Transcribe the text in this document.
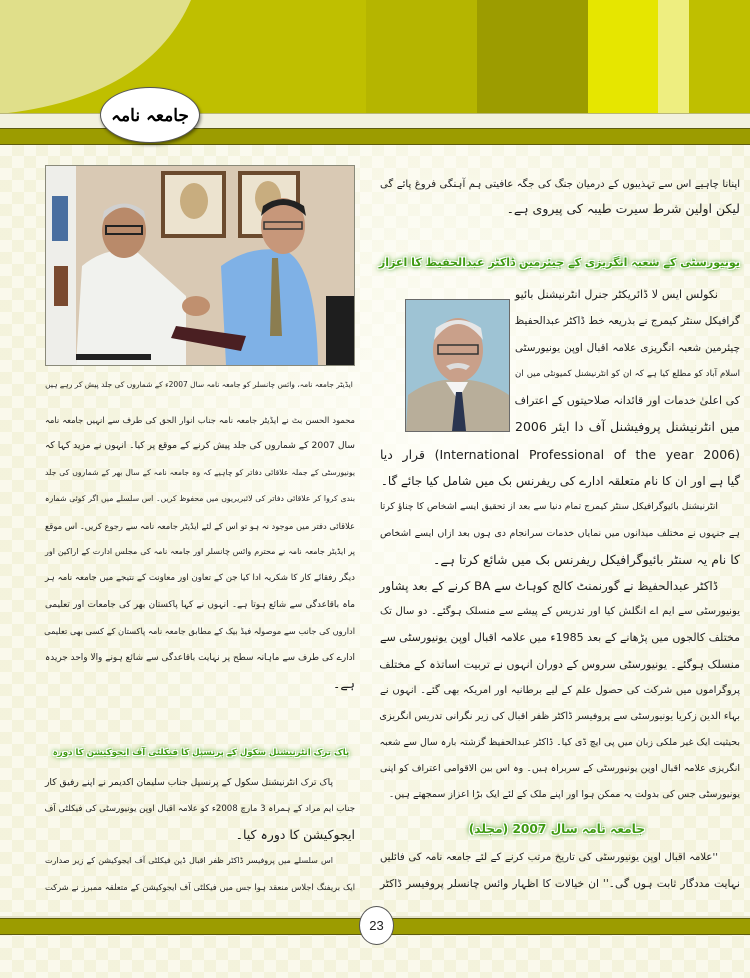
جامعہ نامہ
ایڈیٹر جامعہ نامہ، وائس چانسلر کو جامعہ نامہ سال 2007ء کے شماروں کی جلد پیش کر رہے ہیں
محمود الحسن بٹ نے ایڈیٹر جامعہ نامہ جناب انوار الحق کی طرف سے انہیں جامعہ نامہ
سال 2007 کے شماروں کی جلد پیش کرنے کے موقع پر کیا۔ انہوں نے مزید کہا کہ
یونیورسٹی کے جملہ علاقائی دفاتر کو چاہیے کہ وہ جامعہ نامہ کے سال بھر کے شماروں کی جلد
بندی کروا کر علاقائی دفاتر کی لائبریریوں میں محفوظ کریں۔ اس سلسلے میں اگر کوئی شمارہ
علاقائی دفتر میں موجود نہ ہو تو اس کے لئے ایڈیٹر جامعہ نامہ سے رجوع کریں۔ اس موقع
پر ایڈیٹر جامعہ نامہ نے محترم وائس چانسلر اور جامعہ نامہ کی مجلس ادارت کے اراکین اور
دیگر رفقائے کار کا شکریہ ادا کیا جن کے تعاون اور معاونت کے نتیجے میں جامعہ نامہ ہر
ماہ باقاعدگی سے شائع ہوتا ہے۔ انہوں نے کہا پاکستان بھر کی جامعات اور تعلیمی
اداروں کی جانب سے موصولہ فیڈ بیک کے مطابق جامعہ نامہ پاکستان کے کسی بھی تعلیمی
ادارے کی طرف سے ماہانہ سطح پر نہایت باقاعدگی سے شائع ہونے والا واحد جریدہ
ہے۔
پاک ترک انٹرنیشنل سکول کے پرنسپل کا فیکلٹی آف ایجوکیشن کا دورہ
پاک ترک انٹرنیشنل سکول کے پرنسپل جناب سلیمان اکدیمر نے اپنے رفیق کار
جناب ایم مراد کے ہمراہ 3 مارچ 2008ء کو علامہ اقبال اوپن یونیورسٹی کی فیکلٹی آف
ایجوکیشن کا دورہ کیا۔
اس سلسلے میں پروفیسر ڈاکٹر ظفر اقبال ڈین فیکلٹی آف ایجوکیشن کے زیر صدارت
ایک بریفنگ اجلاس منعقد ہوا جس میں فیکلٹی آف ایجوکیشن کے متعلقہ ممبرز نے شرکت
اپنانا چاہیے اس سے تہذیبوں کے درمیان جنگ کی جگہ عافیتی ہم آہنگی فروغ پائے گی
لیکن اولین شرط سیرت طیبہ کی پیروی ہے۔
یونیورسٹی کے شعبہ انگریزی کے چیئرمین ڈاکٹر عبدالحفیظ کا اعزاز
نکولس ایس لا ڈائریکٹر جنرل انٹرنیشنل بائیو
گرافیکل سنٹر کیمرج نے بذریعہ خط ڈاکٹر عبدالحفیظ
چیئرمین شعبہ انگریزی علامہ اقبال اوپن یونیورسٹی
اسلام آباد کو مطلع کیا ہے کہ ان کو انٹرنیشنل کمیونٹی میں ان
کی اعلیٰ خدمات اور قائدانہ صلاحیتوں کے اعتراف
میں انٹرنیشنل پروفیشنل آف دا ایئر 2006
(International Professional of the year 2006) قرار دیا
گیا ہے اور ان کا نام متعلقہ ادارے کی ریفرنس بک میں شامل کیا جائے گا۔
انٹرنیشنل بائیوگرافیکل سنٹر کیمرج تمام دنیا سے بعد از تحقیق ایسے اشخاص کا چناؤ کرتا
ہے جنہوں نے مختلف میدانوں میں نمایاں خدمات سرانجام دی ہوں بعد ازاں ایسے اشخاص
کا نام یہ سنٹر بائیوگرافیکل ریفرنس بک میں شائع کرتا ہے۔
ڈاکٹر عبدالحفیظ نے گورنمنٹ کالج کوہاٹ سے BA کرنے کے بعد پشاور
یونیورسٹی سے ایم اے انگلش کیا اور تدریس کے پیشے سے منسلک ہوگئے۔ دو سال تک
مختلف کالجوں میں پڑھانے کے بعد 1985ء میں علامہ اقبال اوپن یونیورسٹی سے
منسلک ہوگئے۔ یونیورسٹی سروس کے دوران انہوں نے تربیت اساتذہ کے مختلف
پروگراموں میں شرکت کی حصول علم کے لیے برطانیہ اور امریکہ بھی گئے۔ انہوں نے
بہاء الدین زکریا یونیورسٹی سے پروفیسر ڈاکٹر ظفر اقبال کی زیر نگرانی تدریس انگریزی
بحیثیت ایک غیر ملکی زبان میں پی ایچ ڈی کیا۔ ڈاکٹر عبدالحفیظ گزشتہ بارہ سال سے شعبہ
انگریزی علامہ اقبال اوپن یونیورسٹی کے سربراہ ہیں۔ وہ اس بین الاقوامی اعتراف کو اپنی
یونیورسٹی جس کی بدولت یہ ممکن ہوا اور اپنے ملک کے لئے ایک بڑا اعزاز سمجھتے ہیں۔
جامعہ نامہ سال 2007 (مجلد)
''علامہ اقبال اوپن یونیورسٹی کی تاریخ مرتب کرنے کے لئے جامعہ نامہ کی فائلیں
نہایت مددگار ثابت ہوں گی۔'' ان خیالات کا اظہار وائس چانسلر پروفیسر ڈاکٹر
23
